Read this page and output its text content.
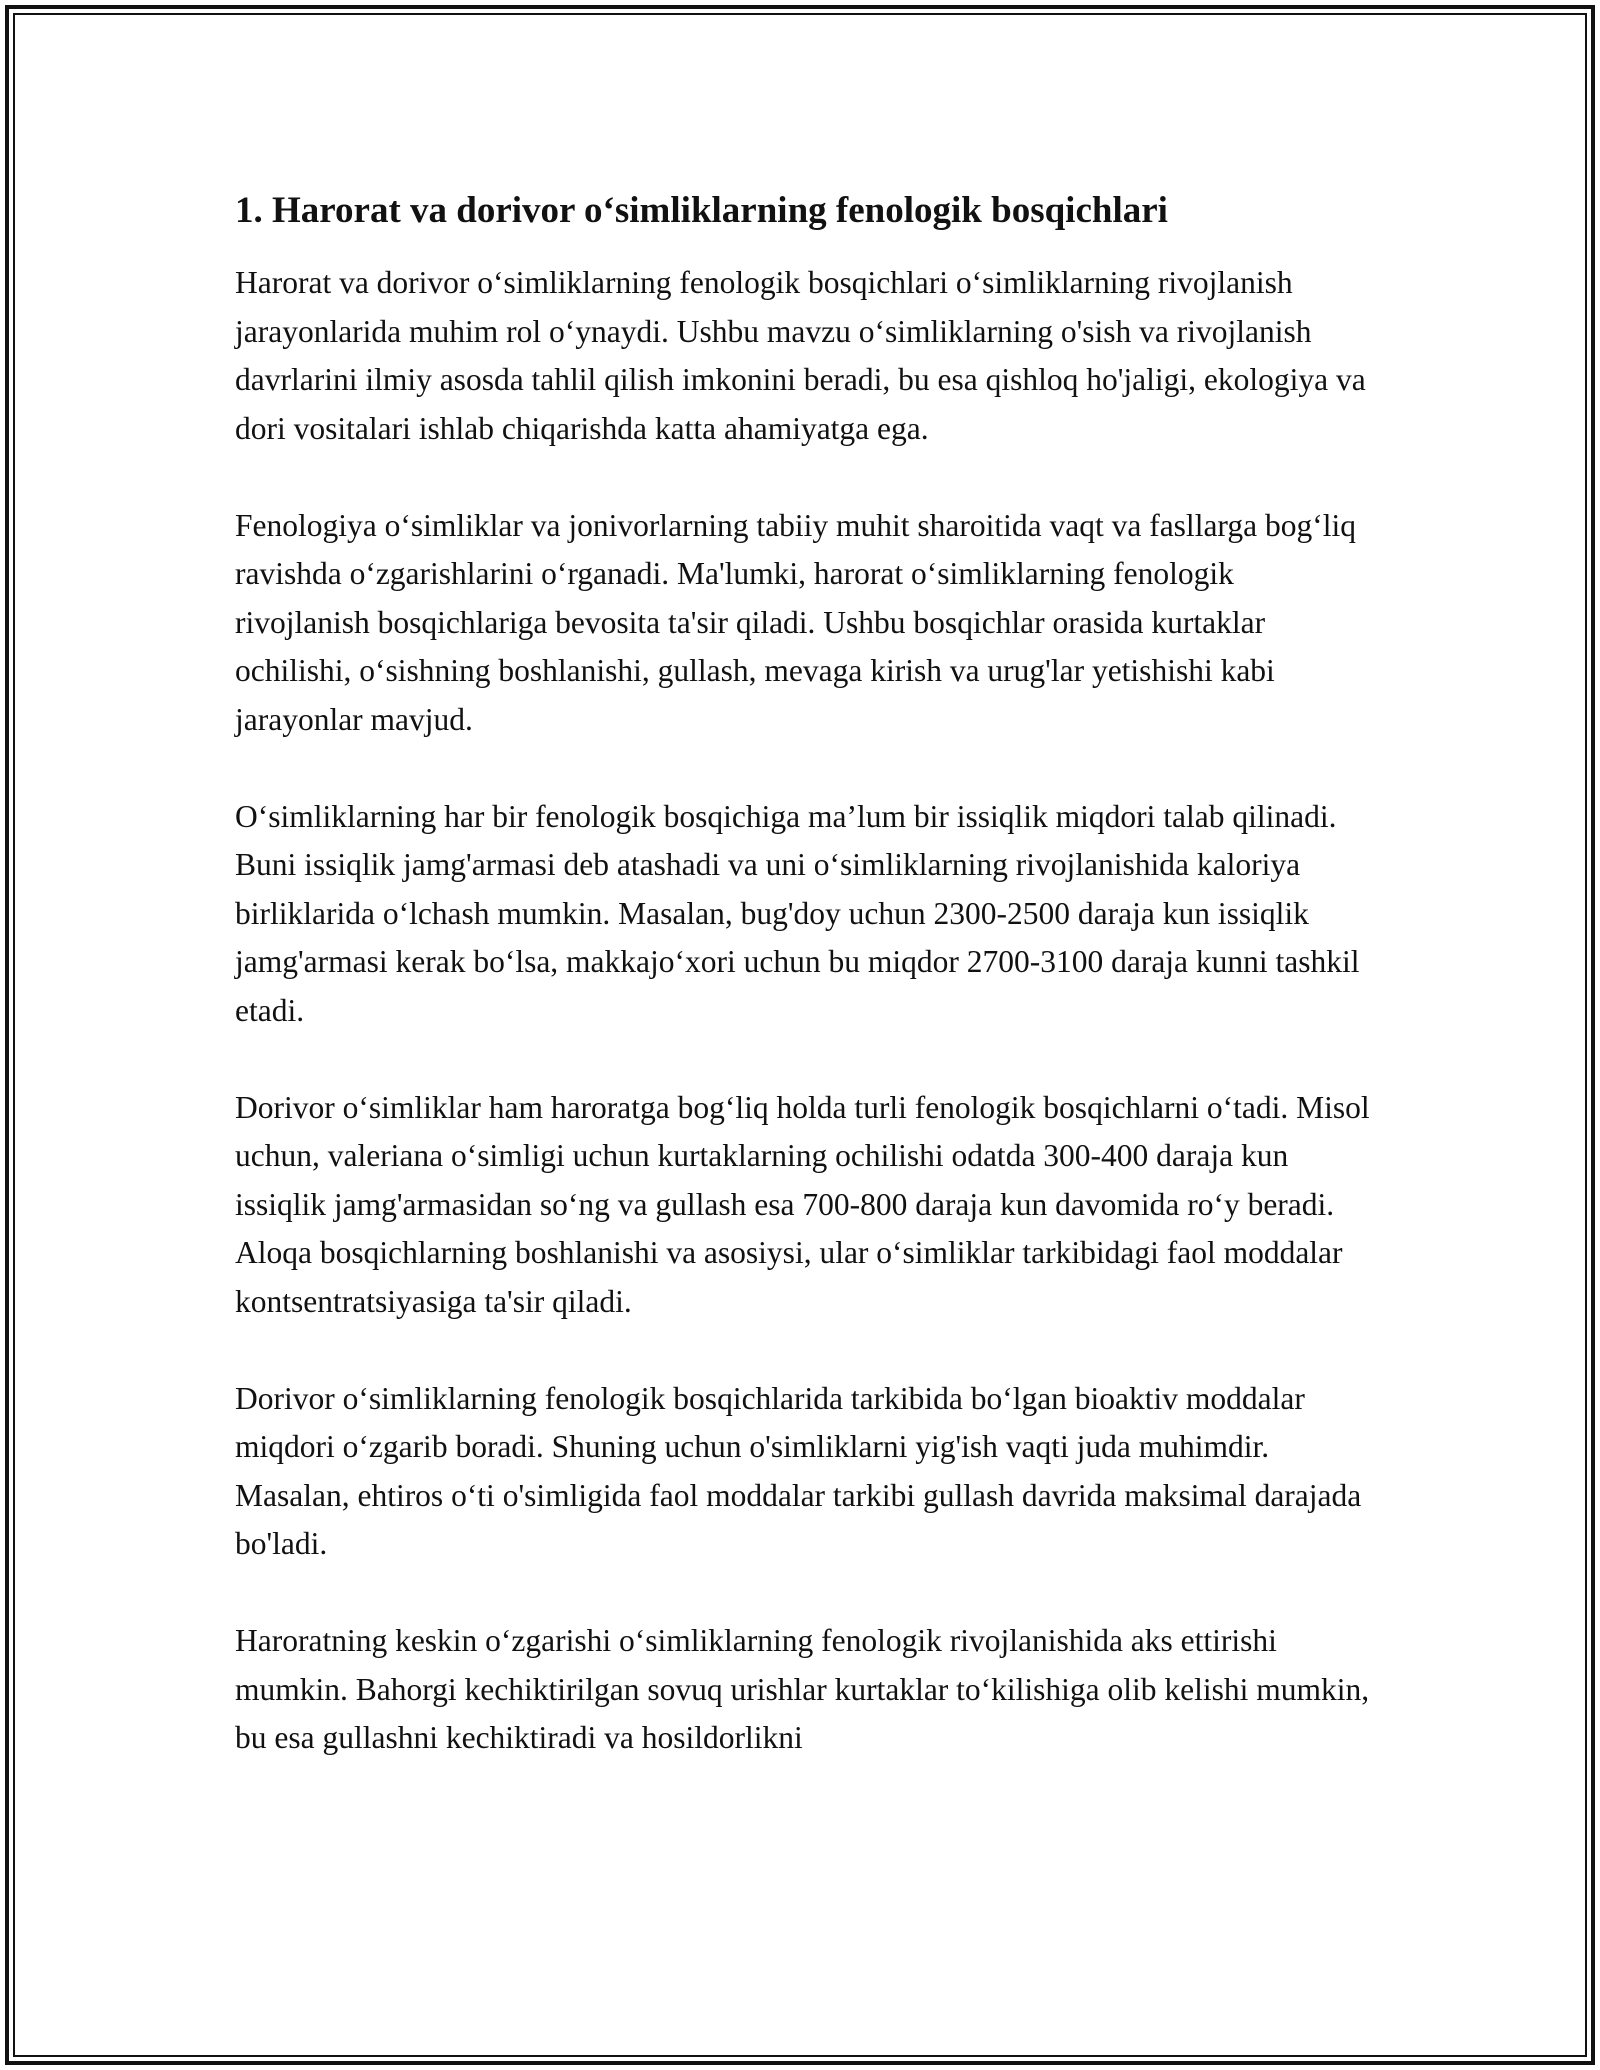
1. Harorat va dorivor o‘simliklarning fenologik bosqichlari

Harorat va dorivor o‘simliklarning fenologik bosqichlari o‘simliklarning rivojlanish jarayonlarida muhim rol o‘ynaydi. Ushbu mavzu o‘simliklarning o'sish va rivojlanish davrlarini ilmiy asosda tahlil qilish imkonini beradi, bu esa qishloq ho'jaligi, ekologiya va dori vositalari ishlab chiqarishda katta ahamiyatga ega.

Fenologiya o‘simliklar va jonivorlarning tabiiy muhit sharoitida vaqt va fasllarga bog‘liq ravishda o‘zgarishlarini o‘rganadi. Ma'lumki, harorat o‘simliklarning fenologik rivojlanish bosqichlariga bevosita ta'sir qiladi. Ushbu bosqichlar orasida kurtaklar ochilishi, o‘sishning boshlanishi, gullash, mevaga kirish va urug'lar yetishishi kabi jarayonlar mavjud.

O‘simliklarning har bir fenologik bosqichiga ma’lum bir issiqlik miqdori talab qilinadi. Buni issiqlik jamg'armasi deb atashadi va uni o‘simliklarning rivojlanishida kaloriya birliklarida o‘lchash mumkin. Masalan, bug'doy uchun 2300-2500 daraja kun issiqlik jamg'armasi kerak bo‘lsa, makkajo‘xori uchun bu miqdor 2700-3100 daraja kunni tashkil etadi.

Dorivor o‘simliklar ham haroratga bog‘liq holda turli fenologik bosqichlarni o‘tadi. Misol uchun, valeriana o‘simligi uchun kurtaklarning ochilishi odatda 300-400 daraja kun issiqlik jamg'armasidan so‘ng va gullash esa 700-800 daraja kun davomida ro‘y beradi. Aloqa bosqichlarning boshlanishi va asosiysi, ular o‘simliklar tarkibidagi faol moddalar kontsentratsiyasiga ta'sir qiladi.

Dorivor o‘simliklarning fenologik bosqichlarida tarkibida bo‘lgan bioaktiv moddalar miqdori o‘zgarib boradi. Shuning uchun o'simliklarni yig'ish vaqti juda muhimdir. Masalan, ehtiros o‘ti o'simligida faol moddalar tarkibi gullash davrida maksimal darajada bo'ladi.

Haroratning keskin o‘zgarishi o‘simliklarning fenologik rivojlanishida aks ettirishi mumkin. Bahorgi kechiktirilgan sovuq urishlar kurtaklar to‘kilishiga olib kelishi mumkin, bu esa gullashni kechiktiradi va hosildorlikni
